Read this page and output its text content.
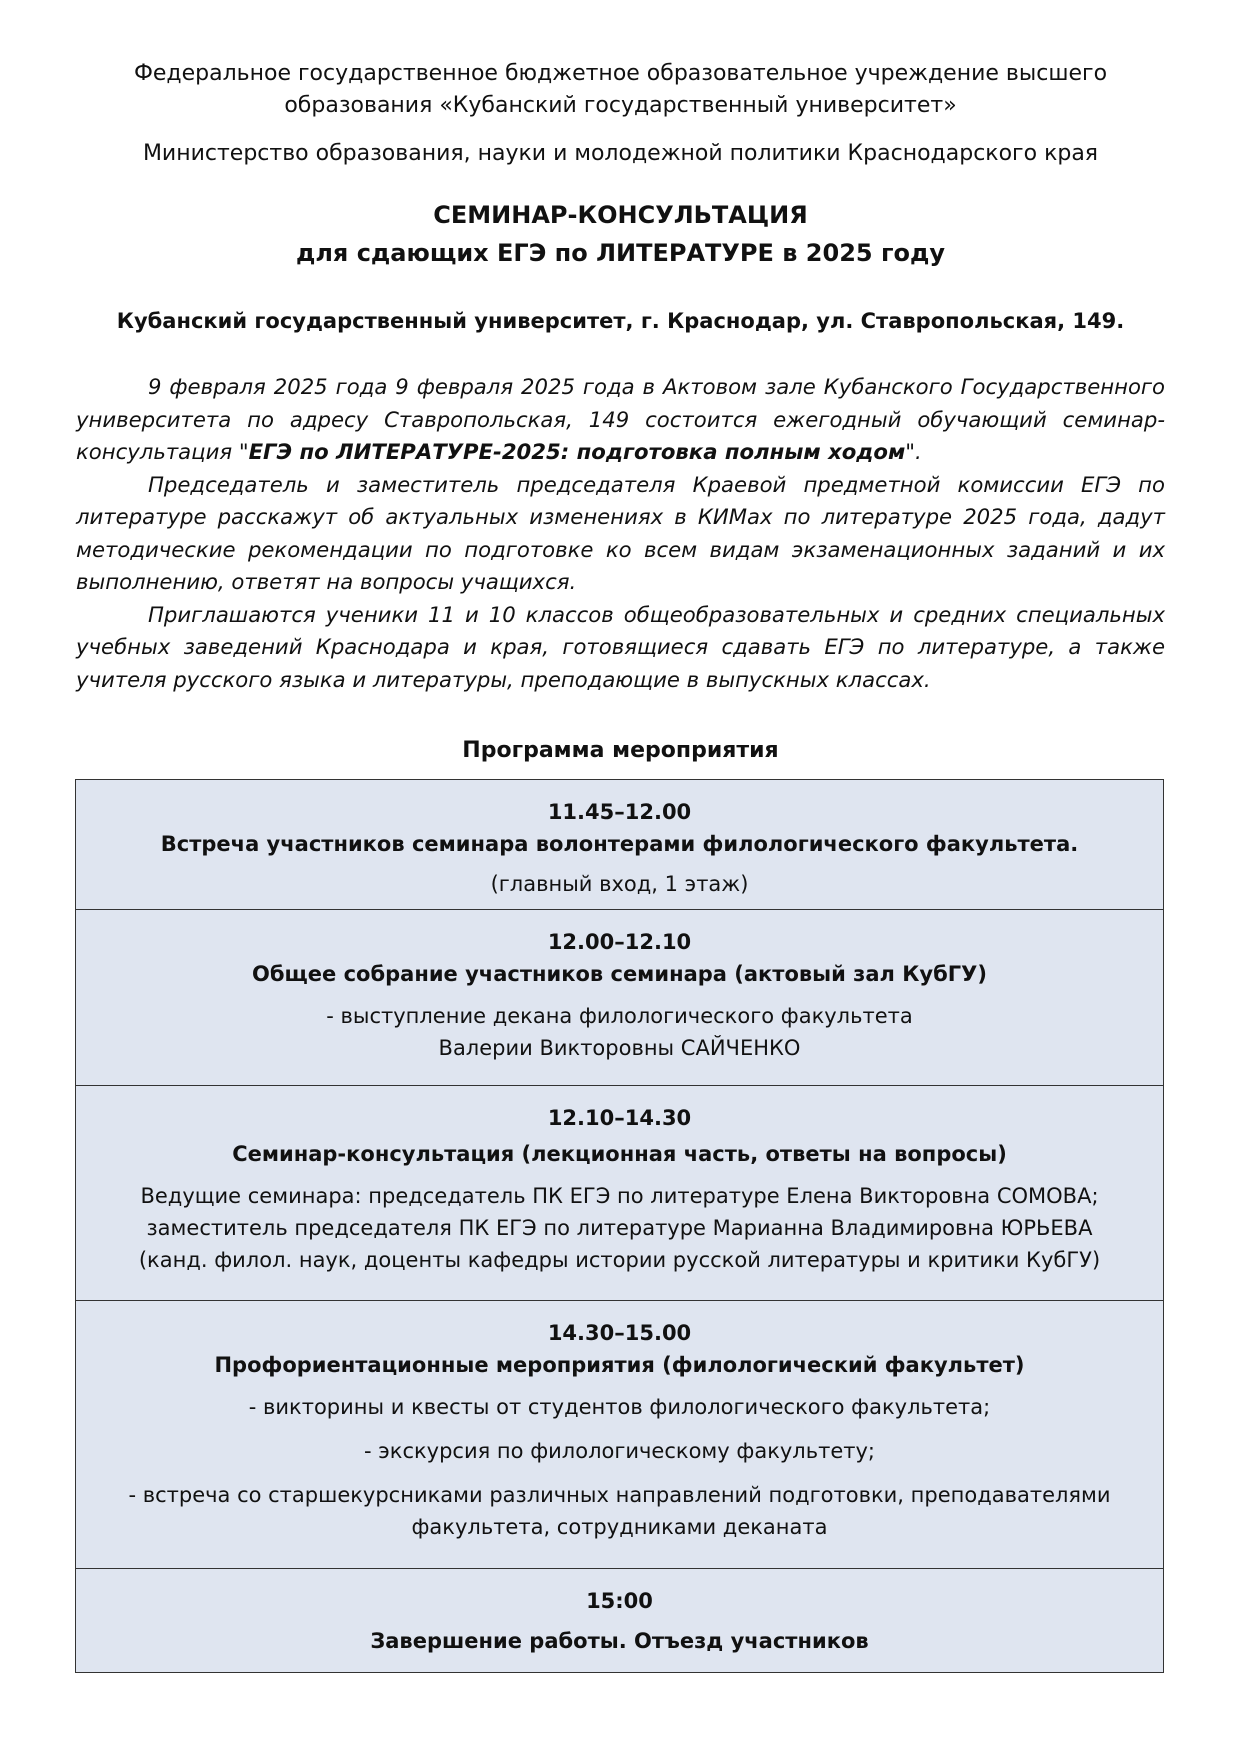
Федеральное государственное бюджетное образовательное учреждение высшего
образования «Кубанский государственный университет»
Министерство образования, науки и молодежной политики Краснодарского края
СЕМИНАР-КОНСУЛЬТАЦИЯ
для сдающих ЕГЭ по ЛИТЕРАТУРЕ в 2025 году
Кубанский государственный университет, г. Краснодар, ул. Ставропольская, 149.

9 февраля 2025 года 9 февраля 2025 года в Актовом зале Кубанского Государственного университета по адресу Ставропольская, 149 состоится ежегодный обучающий семинар-консультация "ЕГЭ по ЛИТЕРАТУРЕ-2025: подготовка полным ходом".

Председатель и заместитель председателя Краевой предметной комиссии ЕГЭ по литературе расскажут об актуальных изменениях в КИМах по литературе 2025 года, дадут методические рекомендации по подготовке ко всем видам экзаменационных заданий и их выполнению, ответят на вопросы учащихся.

Приглашаются ученики 11 и 10 классов общеобразовательных и средних специальных учебных заведений Краснодара и края, готовящиеся сдавать ЕГЭ по литературе, а также учителя русского языка и литературы, преподающие в выпускных классах.

Программа мероприятия
11.45–12.00
Встреча участников семинара волонтерами филологического факультета.
(главный вход, 1 этаж)
12.00–12.10
Общее собрание участников семинара (актовый зал КубГУ)
- выступление декана филологического факультета
Валерии Викторовны САЙЧЕНКО
12.10–14.30
Семинар-консультация (лекционная часть, ответы на вопросы)
Ведущие семинара: председатель ПК ЕГЭ по литературе Елена Викторовна СОМОВА;
заместитель председателя ПК ЕГЭ по литературе Марианна Владимировна ЮРЬЕВА
(канд. филол. наук, доценты кафедры истории русской литературы и критики КубГУ)
14.30–15.00
Профориентационные мероприятия (филологический факультет)
- викторины и квесты от студентов филологического факультета;
- экскурсия по филологическому факультету;
- встреча со старшекурсниками различных направлений подготовки, преподавателями
факультета, сотрудниками деканата
15:00
Завершение работы. Отъезд участников
